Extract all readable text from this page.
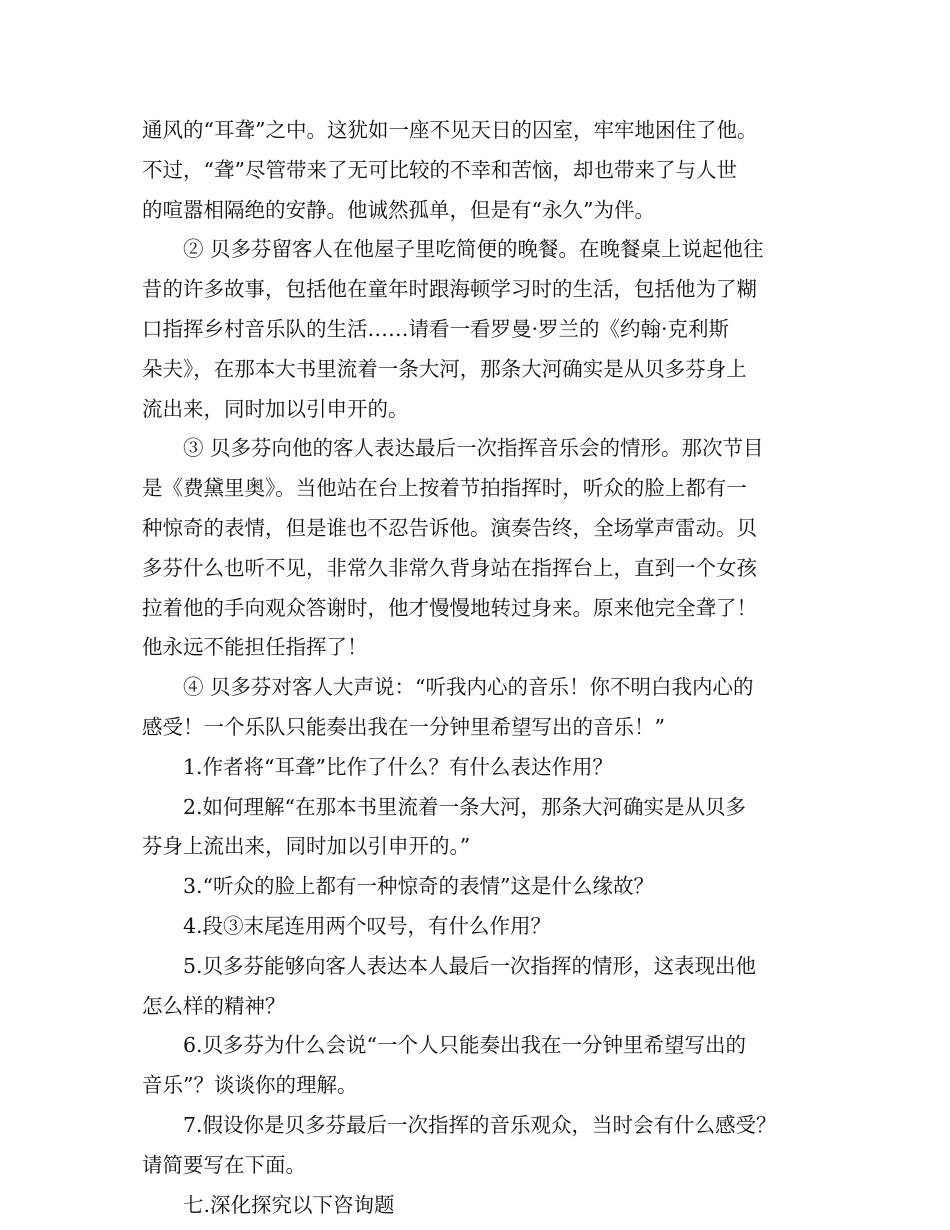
通风的“耳聋”之中。这犹如一座不见天日的囚室，牢牢地困住了他。
不过，“聋”尽管带来了无可比较的不幸和苦恼，却也带来了与人世
的喧嚣相隔绝的安静。他诚然孤单，但是有“永久”为伴。
② 贝多芬留客人在他屋子里吃简便的晚餐。在晚餐桌上说起他往
昔的许多故事，包括他在童年时跟海顿学习时的生活，包括他为了糊
口指挥乡村音乐队的生活……请看一看罗曼·罗兰的《约翰·克利斯
朵夫》，在那本大书里流着一条大河，那条大河确实是从贝多芬身上
流出来，同时加以引申开的。
③ 贝多芬向他的客人表达最后一次指挥音乐会的情形。那次节目
是《费黛里奥》。当他站在台上按着节拍指挥时，听众的脸上都有一
种惊奇的表情，但是谁也不忍告诉他。演奏告终，全场掌声雷动。贝
多芬什么也听不见，非常久非常久背身站在指挥台上，直到一个女孩
拉着他的手向观众答谢时，他才慢慢地转过身来。原来他完全聋了！
他永远不能担任指挥了！
④ 贝多芬对客人大声说：“听我内心的音乐！你不明白我内心的
感受！一个乐队只能奏出我在一分钟里希望写出的音乐！”
1.作者将“耳聋”比作了什么？有什么表达作用？
2.如何理解“在那本书里流着一条大河，那条大河确实是从贝多
芬身上流出来，同时加以引申开的。”
3.“听众的脸上都有一种惊奇的表情”这是什么缘故？
4.段③末尾连用两个叹号，有什么作用？
5.贝多芬能够向客人表达本人最后一次指挥的情形，这表现出他
怎么样的精神？
6.贝多芬为什么会说“一个人只能奏出我在一分钟里希望写出的
音乐”？谈谈你的理解。
7.假设你是贝多芬最后一次指挥的音乐观众，当时会有什么感受？
请简要写在下面。
七.深化探究以下咨询题
